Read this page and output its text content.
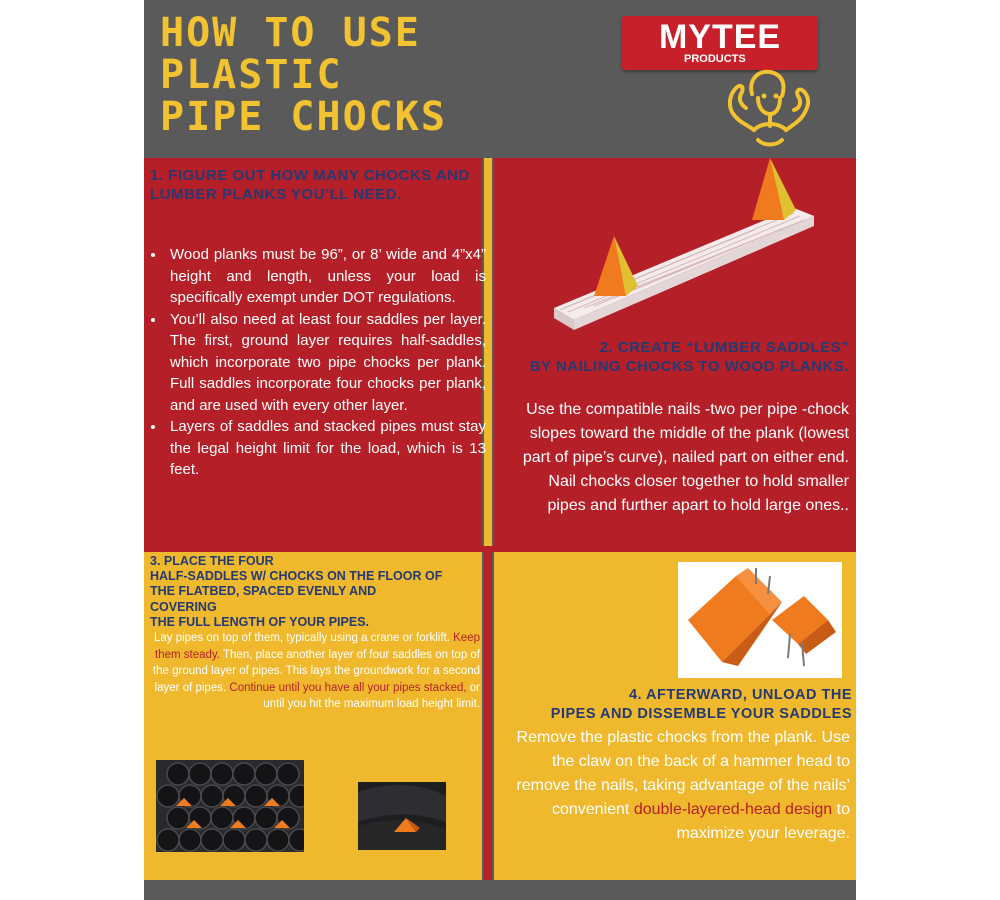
HOW TO USE
PLASTIC
PIPE CHOCKS
MYTEE
PRODUCTS
1. FIGURE OUT HOW MANY CHOCKS AND LUMBER PLANKS YOU’LL NEED.
• Wood planks must be 96”, or 8’ wide and 4”x4” height and length, unless your load is specifically exempt under DOT regulations.
• You’ll also need at least four saddles per layer. The first, ground layer requires half-saddles, which incorporate two pipe chocks per plank. Full saddles incorporate four chocks per plank, and are used with every other layer.
• Layers of saddles and stacked pipes must stay the legal height limit for the load, which is 13 feet.
2. CREATE “LUMBER SADDLES”
BY NAILING CHOCKS TO WOOD PLANKS.

Use the compatible nails -two per pipe -chock slopes toward the middle of the plank (lowest part of pipe’s curve), nailed part on either end. Nail chocks closer together to hold smaller pipes and further apart to hold large ones..

3. PLACE THE FOUR
HALF-SADDLES W/ CHOCKS ON THE FLOOR OF
THE FLATBED, SPACED EVENLY AND
COVERING
THE FULL LENGTH OF YOUR PIPES.

Lay pipes on top of them, typically using a crane or forklift. Keep them steady. Then, place another layer of four saddles on top of the ground layer of pipes. This lays the groundwork for a second layer of pipes. Continue until you have all your pipes stacked, or until you hit the maximum load height limit.

4. AFTERWARD, UNLOAD THE
PIPES AND DISSEMBLE YOUR SADDLES

Remove the plastic chocks from the plank. Use the claw on the back of a hammer head to remove the nails, taking advantage of the nails’ convenient double-layered-head design to maximize your leverage.
